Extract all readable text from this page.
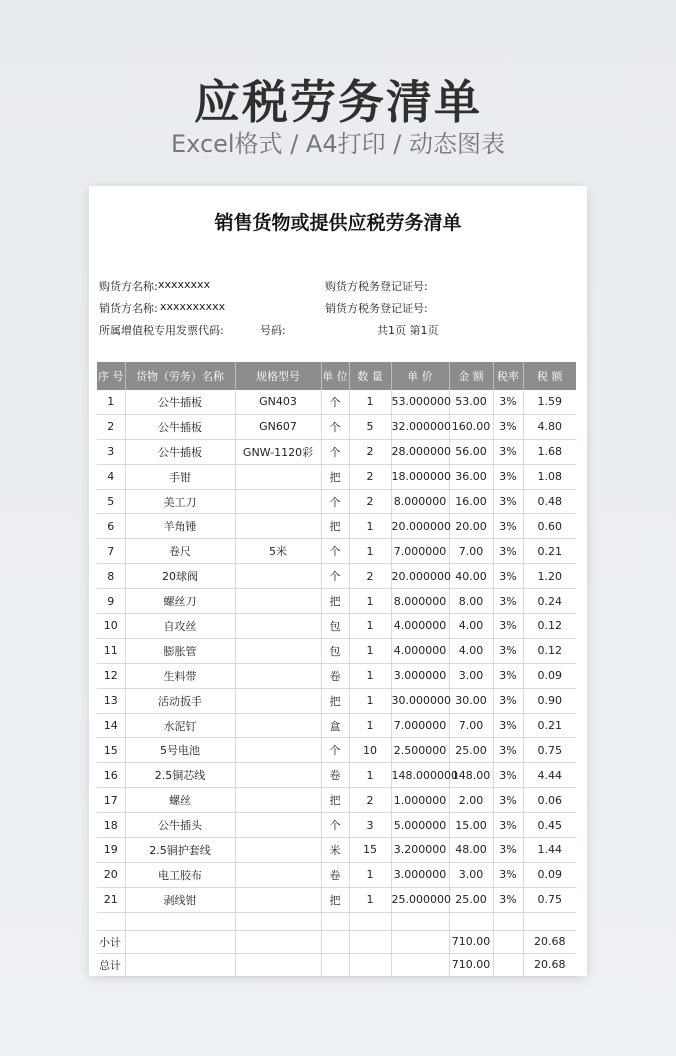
应税劳务清单
Excel格式 / A4打印 / 动态图表
销售货物或提供应税劳务清单
购货方名称: xxxxxxxx	购货方税务登记证号:
销货方名称: xxxxxxxxxx	销货方税务登记证号:
所属增值税专用发票代码:	号码:	共1页 第1页
序 号	货物（劳务）名称	规格型号	单 位	数 量	单 价	金 额	税率	税 额
1	公牛插板	GN403	个	1	53.000000	53.00	3%	1.59
2	公牛插板	GN607	个	5	32.000000	160.00	3%	4.80
3	公牛插板	GNW-1120彩	个	2	28.000000	56.00	3%	1.68
4	手钳		把	2	18.000000	36.00	3%	1.08
5	美工刀		个	2	8.000000	16.00	3%	0.48
6	羊角锤		把	1	20.000000	20.00	3%	0.60
7	卷尺	5米	个	1	7.000000	7.00	3%	0.21
8	20球阀		个	2	20.000000	40.00	3%	1.20
9	螺丝刀		把	1	8.000000	8.00	3%	0.24
10	自攻丝		包	1	4.000000	4.00	3%	0.12
11	膨胀管		包	1	4.000000	4.00	3%	0.12
12	生料带		卷	1	3.000000	3.00	3%	0.09
13	活动扳手		把	1	30.000000	30.00	3%	0.90
14	水泥钉		盒	1	7.000000	7.00	3%	0.21
15	5号电池		个	10	2.500000	25.00	3%	0.75
16	2.5铜芯线		卷	1	148.000000	148.00	3%	4.44
17	螺丝		把	2	1.000000	2.00	3%	0.06
18	公牛插头		个	3	5.000000	15.00	3%	0.45
19	2.5铜护套线		米	15	3.200000	48.00	3%	1.44
20	电工胶布		卷	1	3.000000	3.00	3%	0.09
21	剥线钳		把	1	25.000000	25.00	3%	0.75

小计						710.00		20.68
总计						710.00		20.68
